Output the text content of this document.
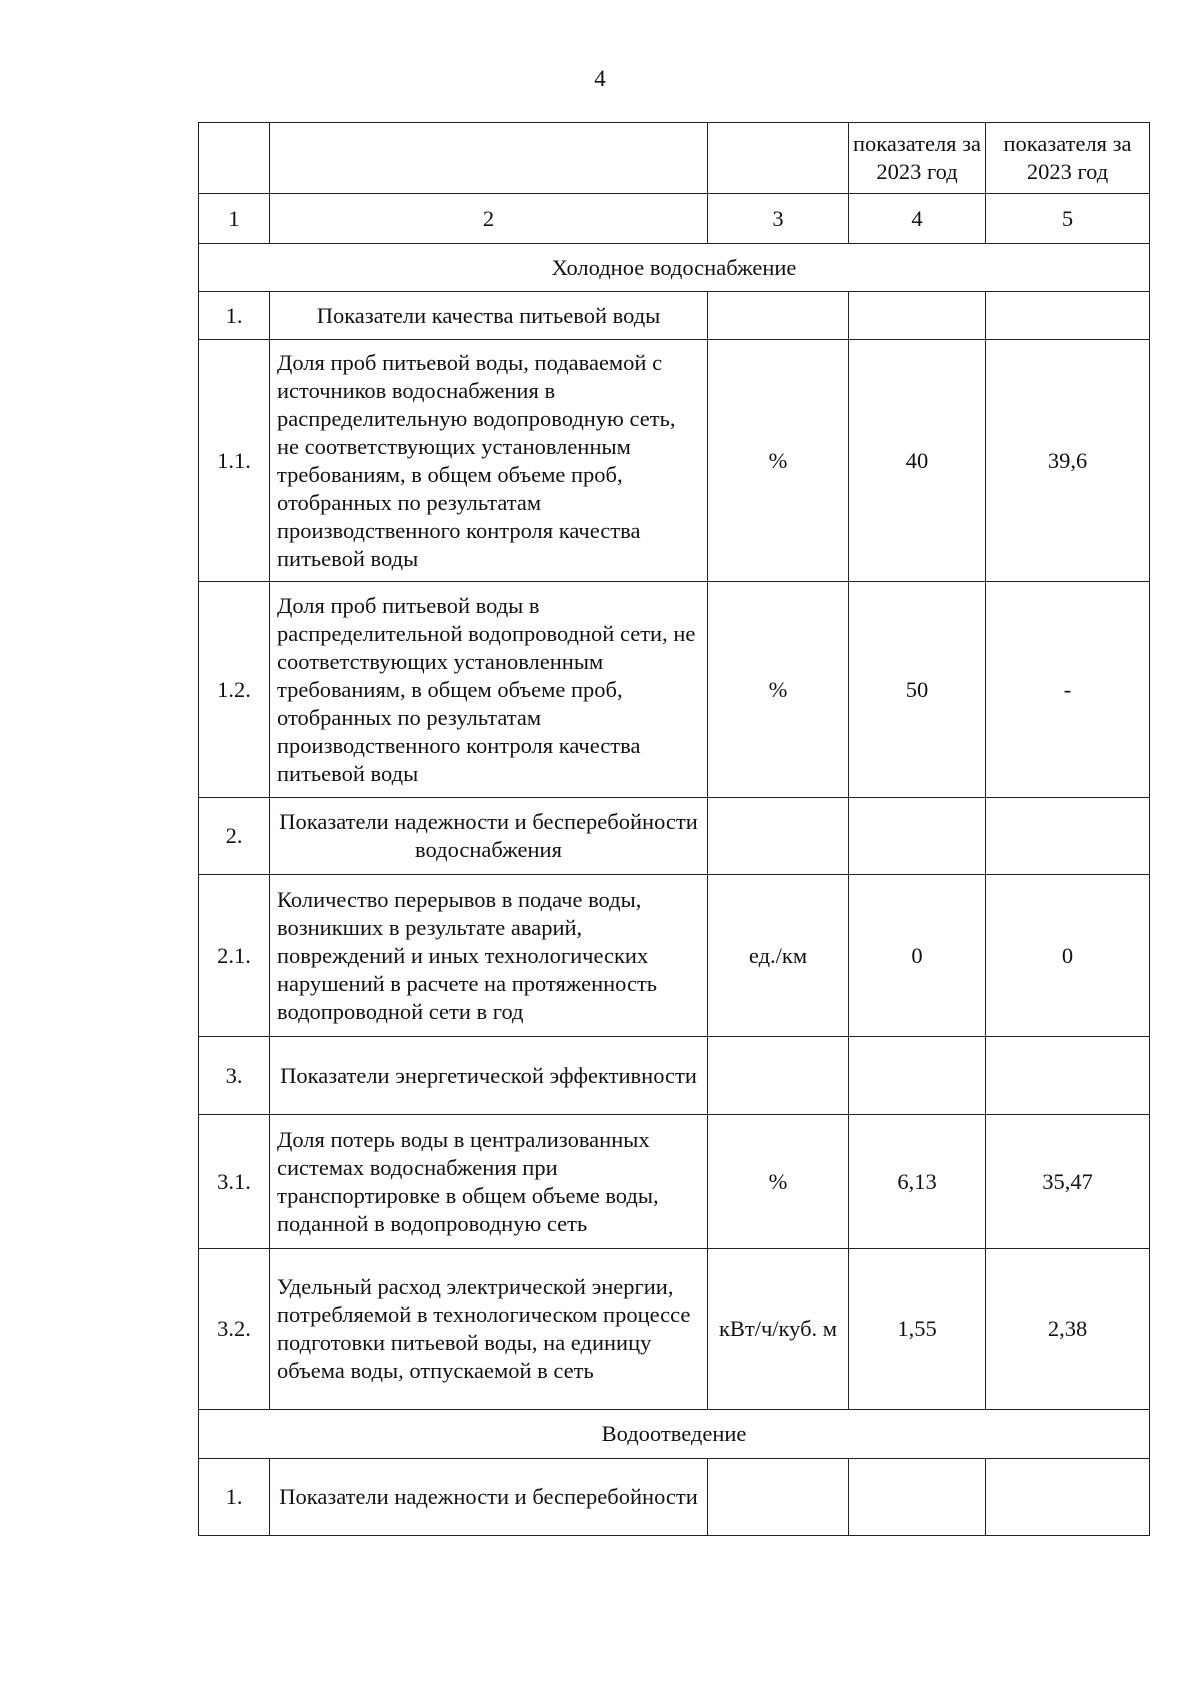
4
			показателя за 2023 год	показателя за 2023 год
1	2	3	4	5
Холодное водоснабжение				
1.	Показатели качества питьевой воды			
1.1.	Доля проб питьевой воды, подаваемой с источников водоснабжения в распределительную водопроводную сеть, не соответствующих установленным требованиям, в общем объеме проб, отобранных по результатам производственного контроля качества питьевой воды	%	40	39,6
1.2.	Доля проб питьевой воды в распределительной водопроводной сети, не соответствующих установленным требованиям, в общем объеме проб, отобранных по результатам производственного контроля качества питьевой воды	%	50	-
2.	Показатели надежности и бесперебойности водоснабжения			
2.1.	Количество перерывов в подаче воды, возникших в результате аварий, повреждений и иных технологических нарушений в расчете на протяженность водопроводной сети в год	ед./км	0	0
3.	Показатели энергетической эффективности			
3.1.	Доля потерь воды в централизованных системах водоснабжения при транспортировке в общем объеме воды, поданной в водопроводную сеть	%	6,13	35,47
3.2.	Удельный расход электрической энергии, потребляемой в технологическом процессе подготовки питьевой воды, на единицу объема воды, отпускаемой в сеть	кВт/ч/куб. м	1,55	2,38
Водоотведение				
1.	Показатели надежности и бесперебойности			
